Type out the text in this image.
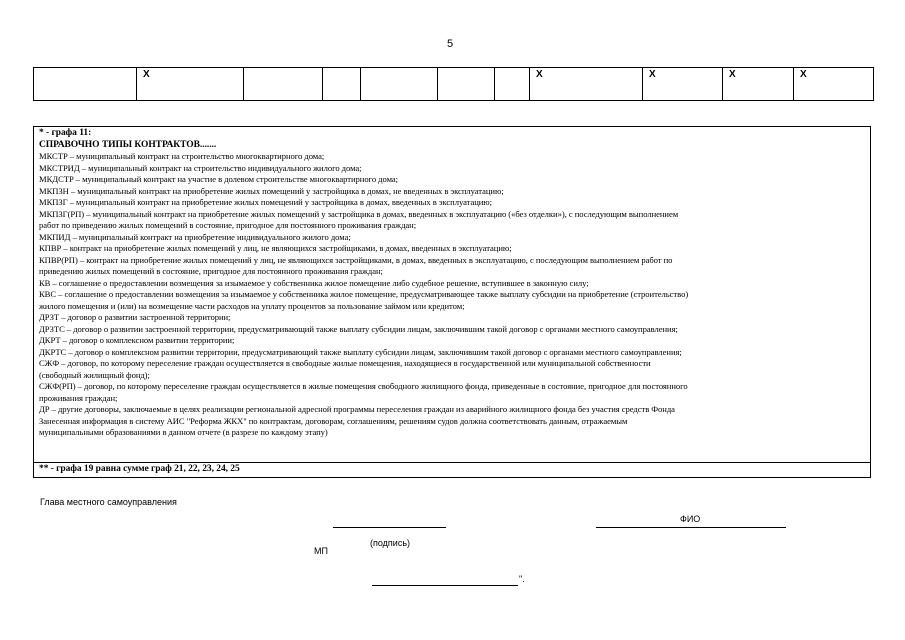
5
	X						X	X	X	X
* - графа 11:
СПРАВОЧНО ТИПЫ КОНТРАКТОВ.......
МКСТР – муниципальный контракт на строительство многоквартирного дома;
МКСТРИД – муниципальный контракт на строительство индивидуального жилого дома;
МКДСТР – муниципальный контракт на участие в долевом строительстве многоквартирного дома;
МКПЗН – муниципальный контракт на приобретение жилых помещений у застройщика в домах, не введенных в эксплуатацию;
МКПЗГ – муниципальный контракт на приобретение жилых помещений у застройщика в домах, введенных в эксплуатацию;
МКПЗГ(РП) – муниципальный контракт на приобретение жилых помещений у застройщика в домах, введенных в эксплуатацию («без отделки»), с последующим выполнением
работ по приведению жилых помещений в состояние, пригодное для постоянного проживания граждан;
МКПИД – муниципальный контракт на приобретение индивидуального жилого дома;
КПВР – контракт на приобретение жилых помещений у лиц, не являющихся застройщиками, в домах, введенных в эксплуатацию;
КПВР(РП) – контракт на приобретение жилых помещений у лиц, не являющихся застройщиками, в домах, введенных в эксплуатацию, с последующим выполнением работ по
приведению жилых помещений в состояние, пригодное для постоянного проживания граждан;
КВ – соглашение о предоставлении возмещения за изымаемое у собственника жилое помещение либо судебное решение, вступившее в законную силу;
КВС – соглашение о предоставлении возмещения за изымаемое у собственника жилое помещение, предусматривающее также выплату субсидии на приобретение (строительство)
жилого помещения и (или) на возмещение части расходов на уплату процентов за пользование займом или кредитом;
ДРЗТ – договор о развитии застроенной территории;
ДРЗТС – договор о развитии застроенной территории, предусматривающий также выплату субсидии лицам, заключившим такой договор с органами местного самоуправления;
ДКРТ – договор о комплексном развитии территории;
ДКРТС – договор о комплексном развитии территории, предусматривающий также выплату субсидии лицам, заключившим такой договор с органами местного самоуправления;
СЖФ – договор, по которому переселение граждан осуществляется в свободные жилые помещения, находящиеся в государственной или муниципальной собственности
(свободный жилищный фонд);
СЖФ(РП) – договор, по которому переселение граждан осуществляется в жилые помещения свободного жилищного фонда, приведенные в состояние, пригодное для постоянного
проживания граждан;
ДР – другие договоры, заключаемые в целях реализации региональной адресной программы переселения граждан из аварийного жилищного фонда без участия средств Фонда
Занесенная информация в систему АИС "Реформа ЖКХ" по контрактам, договорам, соглашениям, решениям судов должна соответствовать данным, отражаемым
муниципальными образованиями в данном отчете (в разрезе по каждому этапу)
** - графа 19 равна сумме граф 21, 22, 23, 24, 25
Глава местного самоуправления
ФИО
(подпись)
МП
".
